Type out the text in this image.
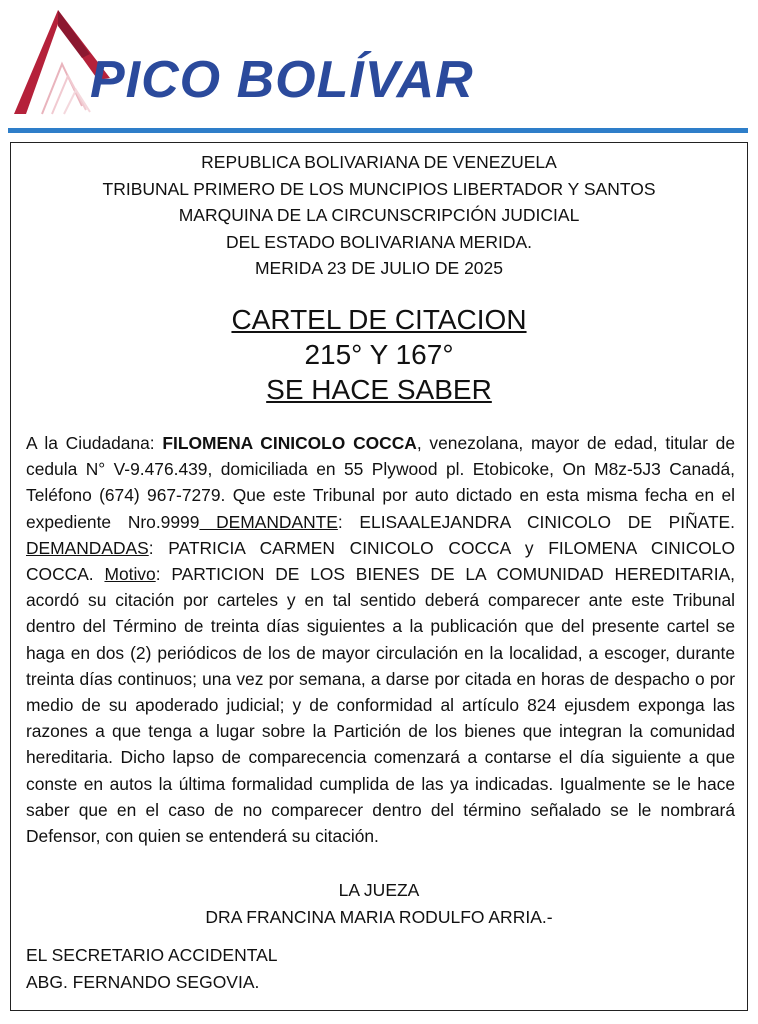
PICO BOLÍVAR
REPUBLICA BOLIVARIANA DE VENEZUELA
TRIBUNAL PRIMERO DE LOS MUNCIPIOS LIBERTADOR Y SANTOS
MARQUINA DE LA CIRCUNSCRIPCIÓN JUDICIAL
DEL ESTADO BOLIVARIANA MERIDA.
MERIDA 23 DE JULIO DE 2025
CARTEL DE CITACION
215° Y 167°
SE HACE SABER
A la Ciudadana: FILOMENA CINICOLO COCCA, venezolana, mayor de edad, titular de cedula N° V-9.476.439, domiciliada en 55 Plywood pl. Etobicoke, On M8z-5J3 Canadá, Teléfono (674) 967-7279. Que este Tribunal por auto dictado en esta misma fecha en el expediente Nro.9999 DEMANDANTE: ELISAALEJANDRA CINICOLO DE PIÑATE. DEMANDADAS: PATRICIA CARMEN CINICOLO COCCA y FILOMENA CINICOLO COCCA. Motivo: PARTICION DE LOS BIENES DE LA COMUNIDAD HEREDITARIA, acordó su citación por carteles y en tal sentido deberá comparecer ante este Tribunal dentro del Término de treinta días siguientes a la publicación que del presente cartel se haga en dos (2) periódicos de los de mayor circulación en la localidad, a escoger, durante treinta días continuos; una vez por semana, a darse por citada en horas de despacho o por medio de su apoderado judicial; y de conformidad al artículo 824 ejusdem exponga las razones a que tenga a lugar sobre la Partición de los bienes que integran la comunidad hereditaria. Dicho lapso de comparecencia comenzará a contarse el día siguiente a que conste en autos la última formalidad cumplida de las ya indicadas. Igualmente se le hace saber que en el caso de no comparecer dentro del término señalado se le nombrará Defensor, con quien se entenderá su citación.
LA JUEZA
DRA FRANCINA MARIA RODULFO ARRIA.-
EL SECRETARIO ACCIDENTAL
ABG. FERNANDO SEGOVIA.
